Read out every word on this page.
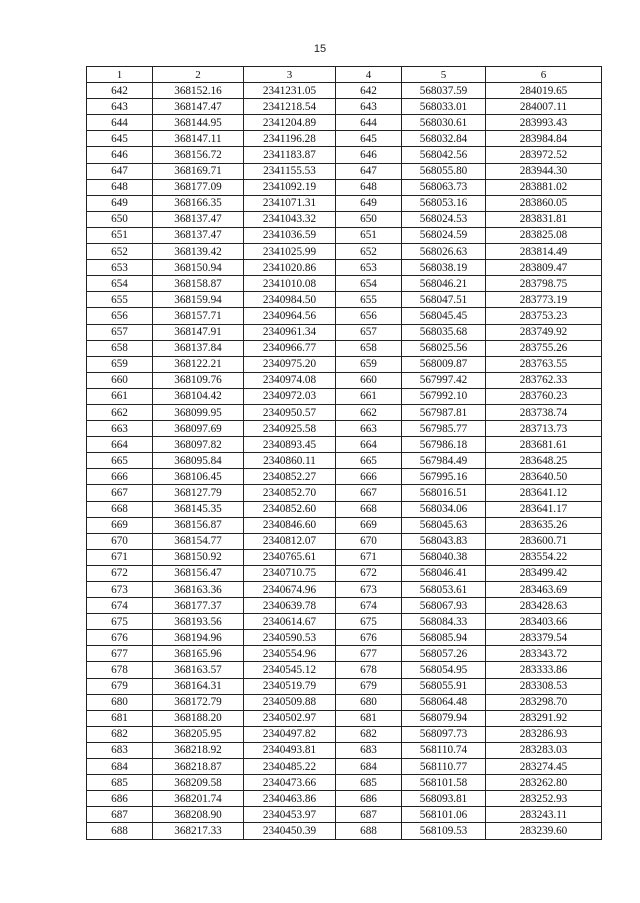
15
1	2	3	4	5	6
642	368152.16	2341231.05	642	568037.59	284019.65
643	368147.47	2341218.54	643	568033.01	284007.11
644	368144.95	2341204.89	644	568030.61	283993.43
645	368147.11	2341196.28	645	568032.84	283984.84
646	368156.72	2341183.87	646	568042.56	283972.52
647	368169.71	2341155.53	647	568055.80	283944.30
648	368177.09	2341092.19	648	568063.73	283881.02
649	368166.35	2341071.31	649	568053.16	283860.05
650	368137.47	2341043.32	650	568024.53	283831.81
651	368137.47	2341036.59	651	568024.59	283825.08
652	368139.42	2341025.99	652	568026.63	283814.49
653	368150.94	2341020.86	653	568038.19	283809.47
654	368158.87	2341010.08	654	568046.21	283798.75
655	368159.94	2340984.50	655	568047.51	283773.19
656	368157.71	2340964.56	656	568045.45	283753.23
657	368147.91	2340961.34	657	568035.68	283749.92
658	368137.84	2340966.77	658	568025.56	283755.26
659	368122.21	2340975.20	659	568009.87	283763.55
660	368109.76	2340974.08	660	567997.42	283762.33
661	368104.42	2340972.03	661	567992.10	283760.23
662	368099.95	2340950.57	662	567987.81	283738.74
663	368097.69	2340925.58	663	567985.77	283713.73
664	368097.82	2340893.45	664	567986.18	283681.61
665	368095.84	2340860.11	665	567984.49	283648.25
666	368106.45	2340852.27	666	567995.16	283640.50
667	368127.79	2340852.70	667	568016.51	283641.12
668	368145.35	2340852.60	668	568034.06	283641.17
669	368156.87	2340846.60	669	568045.63	283635.26
670	368154.77	2340812.07	670	568043.83	283600.71
671	368150.92	2340765.61	671	568040.38	283554.22
672	368156.47	2340710.75	672	568046.41	283499.42
673	368163.36	2340674.96	673	568053.61	283463.69
674	368177.37	2340639.78	674	568067.93	283428.63
675	368193.56	2340614.67	675	568084.33	283403.66
676	368194.96	2340590.53	676	568085.94	283379.54
677	368165.96	2340554.96	677	568057.26	283343.72
678	368163.57	2340545.12	678	568054.95	283333.86
679	368164.31	2340519.79	679	568055.91	283308.53
680	368172.79	2340509.88	680	568064.48	283298.70
681	368188.20	2340502.97	681	568079.94	283291.92
682	368205.95	2340497.82	682	568097.73	283286.93
683	368218.92	2340493.81	683	568110.74	283283.03
684	368218.87	2340485.22	684	568110.77	283274.45
685	368209.58	2340473.66	685	568101.58	283262.80
686	368201.74	2340463.86	686	568093.81	283252.93
687	368208.90	2340453.97	687	568101.06	283243.11
688	368217.33	2340450.39	688	568109.53	283239.60
